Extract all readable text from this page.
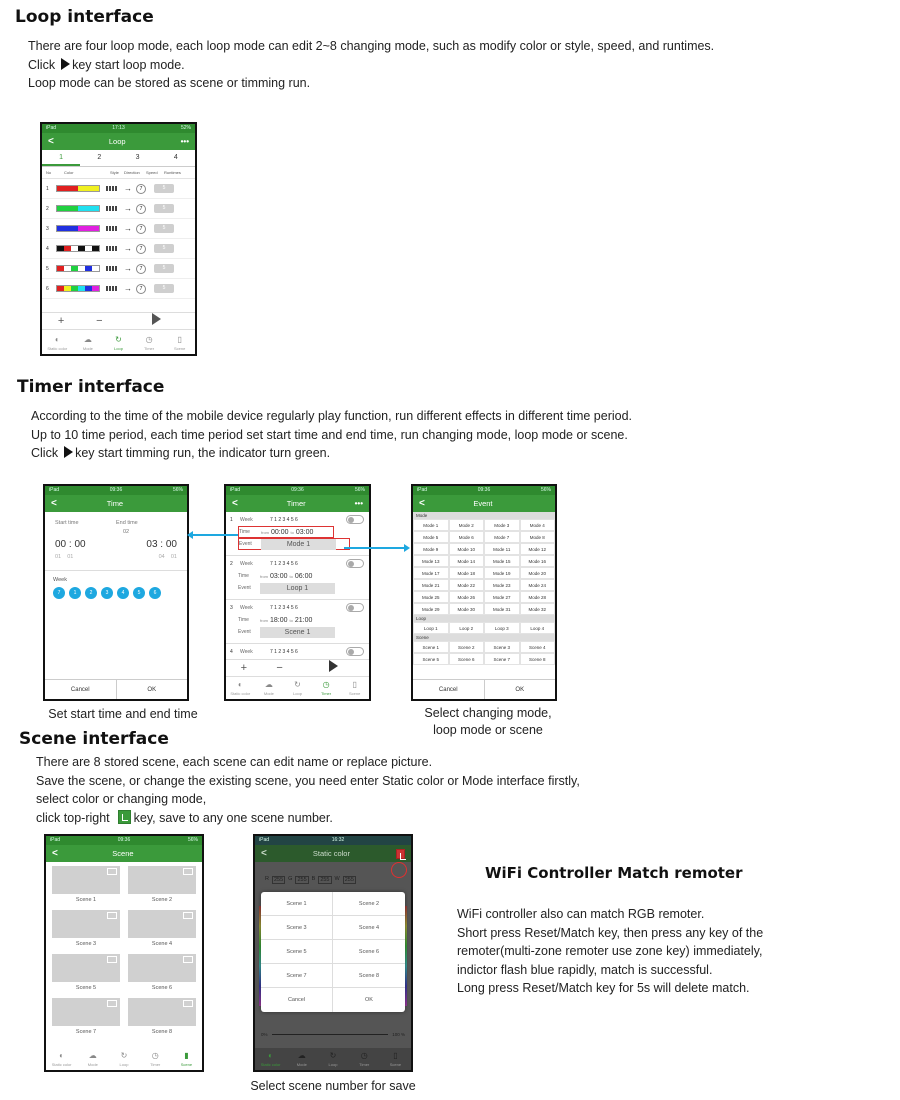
Loop interface
There are four loop mode, each loop mode can edit 2~8 changing mode, such as modify color or style, speed, and runtimes.
Click key start loop mode.
Loop mode can be stored as scene or timming run.
iPad	17:13	52%
<	Loop	•••
1	2	3	4
No	Color	Style	Direction	Speed	Runtimes
1	→	7	5
2	→	7	5
3	→	7	5
4	→	7	5
5	→	7	5
6	→	7	5
+	−
◐
Static color
☁
Mode
↻
Loop
◷
Timer
▯
Scene
Timer interface
According to the time of the mobile device regularly play function, run different effects in different time period.
Up to 10 time period, each time period set start time and end time, run changing mode, loop mode or scene.
Click key start timming run, the indicator turn green.
iPad	09:36	56%
<	Time
Start time	End time
02
00 : 00	03 : 00
01 01	04 01
Week
7	1	2	3	4	5	6
Cancel	OK
iPad	09:36	56%
<	Timer	•••
1	Week	7 1 2 3 4 5 6
Time	from 00:00 to 03:00
Event	Mode 1
2	Week	7 1 2 3 4 5 6
Time	from 03:00 to 06:00
Event	Loop 1
3	Week	7 1 2 3 4 5 6
Time	from 18:00 to 21:00
Event	Scene 1
4	Week	7 1 2 3 4 5 6
+	−
◐
Static color
☁
Mode
↻
Loop
◷
Timer
▯
Scene
iPad	09:36	56%
<	Event
Mode
Mode 1	Mode 2	Mode 3	Mode 4
Mode 5	Mode 6	Mode 7	Mode 8
Mode 9	Mode 10	Mode 11	Mode 12
Mode 13	Mode 14	Mode 15	Mode 16
Mode 17	Mode 18	Mode 19	Mode 20
Mode 21	Mode 22	Mode 23	Mode 24
Mode 25	Mode 26	Mode 27	Mode 28
Mode 29	Mode 30	Mode 31	Mode 32
Loop
Loop 1	Loop 2	Loop 3	Loop 4
Scene
Scene 1	Scene 2	Scene 3	Scene 4
Scene 5	Scene 6	Scene 7	Scene 8
Cancel	OK
Set start time and end time	Select changing mode,
loop mode or scene
Scene interface
There are 8 stored scene, each scene can edit name or replace picture.
Save the scene, or change the existing scene, you need enter Static color or Mode interface firstly,
select color or changing mode,
click top-right key, save to any one scene number.
iPad	09:36	56%
<	Scene
Scene 1	Scene 2
Scene 3	Scene 4
Scene 5	Scene 6
Scene 7	Scene 8
◐
Static color
☁
Mode
↻
Loop
◷
Timer
▮
Scene
iPad	16:32
<	Static color
R 255 G 255 B 255 W 255
Scene 1	Scene 2
Scene 3	Scene 4
Scene 5	Scene 6
Scene 7	Scene 8
Cancel	OK
0%	100 %
◐
Static color
☁
Mode
↻
Loop
◷
Timer
▯
Scene
Select scene number for save
WiFi Controller Match remoter
WiFi controller also can match RGB remoter.
Short press Reset/Match key, then press any key of the
remoter(multi-zone remoter use zone key) immediately,
indictor flash blue rapidly, match is successful.
Long press Reset/Match key for 5s will delete match.
